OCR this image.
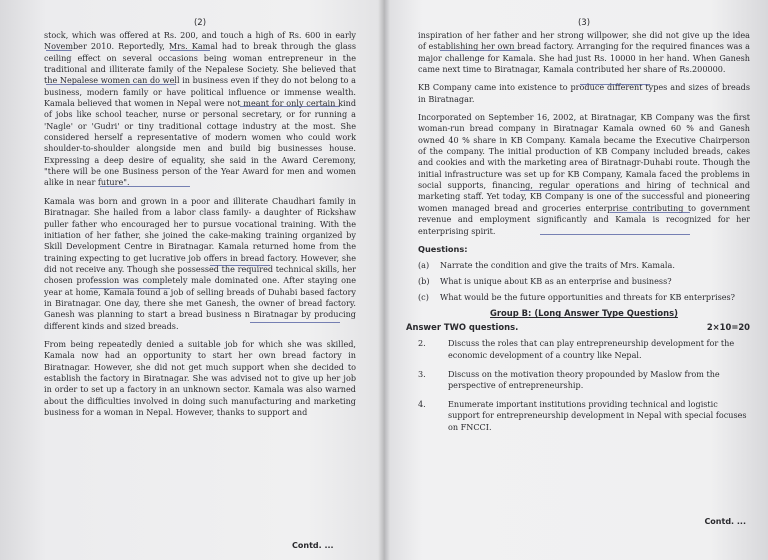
(2)

stock, which was offered at Rs. 200, and touch a high of Rs. 600 in early November 2010. Reportedly, Mrs. Kamal had to break through the glass ceiling effect on several occasions being woman entrepreneur in the traditional and illiterate family of the Nepalese Society. She believed that the Nepalese women can do well in business even if they do not belong to a business, modern family or have political influence or immense wealth. Kamala believed that women in Nepal were not meant for only certain kind of jobs like school teacher, nurse or personal secretary, or for running a 'Nagle' or 'Gudri' or tiny traditional cottage industry at the most. She considered herself a representative of modern women who could work shoulder-to-shoulder alongside men and build big businesses house. Expressing a deep desire of equality, she said in the Award Ceremony, "there will be one Business person of the Year Award for men and women alike in near future".

Kamala was born and grown in a poor and illiterate Chaudhari family in Biratnagar. She hailed from a labor class family- a daughter of Rickshaw puller father who encouraged her to pursue vocational training. With the initiation of her father, she joined the cake-making training organized by Skill Development Centre in Biratnagar. Kamala returned home from the training expecting to get lucrative job offers in bread factory. However, she did not receive any. Though she possessed the required technical skills, her chosen profession was completely male dominated one. After staying one year at home, Kamala found a job of selling breads of Duhabi based factory in Biratnagar. One day, there she met Ganesh, the owner of bread factory. Ganesh was planning to start a bread business n Biratnagar by producing different kinds and sized breads.

From being repeatedly denied a suitable job for which she was skilled, Kamala now had an opportunity to start her own bread factory in Biratnagar. However, she did not get much support when she decided to establish the factory in Biratnagar. She was advised not to give up her job in order to set up a factory in an unknown sector. Kamala was also warned about the difficulties involved in doing such manufacturing and marketing business for a woman in Nepal. However, thanks to support and

Contd. ...
(3)

inspiration of her father and her strong willpower, she did not give up the idea of establishing her own bread factory. Arranging for the required finances was a major challenge for Kamala. She had just Rs. 10000 in her hand. When Ganesh came next time to Biratnagar, Kamala contributed her share of Rs.200000.

KB Company came into existence to produce different types and sizes of breads in Biratnagar.

Incorporated on September 16, 2002, at Biratnagar, KB Company was the first woman-run bread company in Biratnagar Kamala owned 60 % and Ganesh owned 40 % share in KB Company. Kamala became the Executive Chairperson of the company. The initial production of KB Company included breads, cakes and cookies and with the marketing area of Biratnagr-Duhabi route. Though the initial infrastructure was set up for KB Company, Kamala faced the problems in social supports, financing, regular operations and hiring of technical and marketing staff. Yet today, KB Company is one of the successful and pioneering women managed bread and groceries enterprise contributing to government revenue and employment significantly and Kamala is recognized for her enterprising spirit.

Questions:
(a)	Narrate the condition and give the traits of Mrs. Kamala.
(b)	What is unique about KB as an enterprise and business?
(c)	What would be the future opportunities and threats for KB enterprises?
Group B: (Long Answer Type Questions)
Answer TWO questions.	2×10=20
2.	Discuss the roles that can play entrepreneurship development for the economic development of a country like Nepal.
3.	Discuss on the motivation theory propounded by Maslow from the perspective of entrepreneurship.
4.	Enumerate important institutions providing technical and logistic support for entrepreneurship development in Nepal with special focuses on FNCCI.
Contd. ...
